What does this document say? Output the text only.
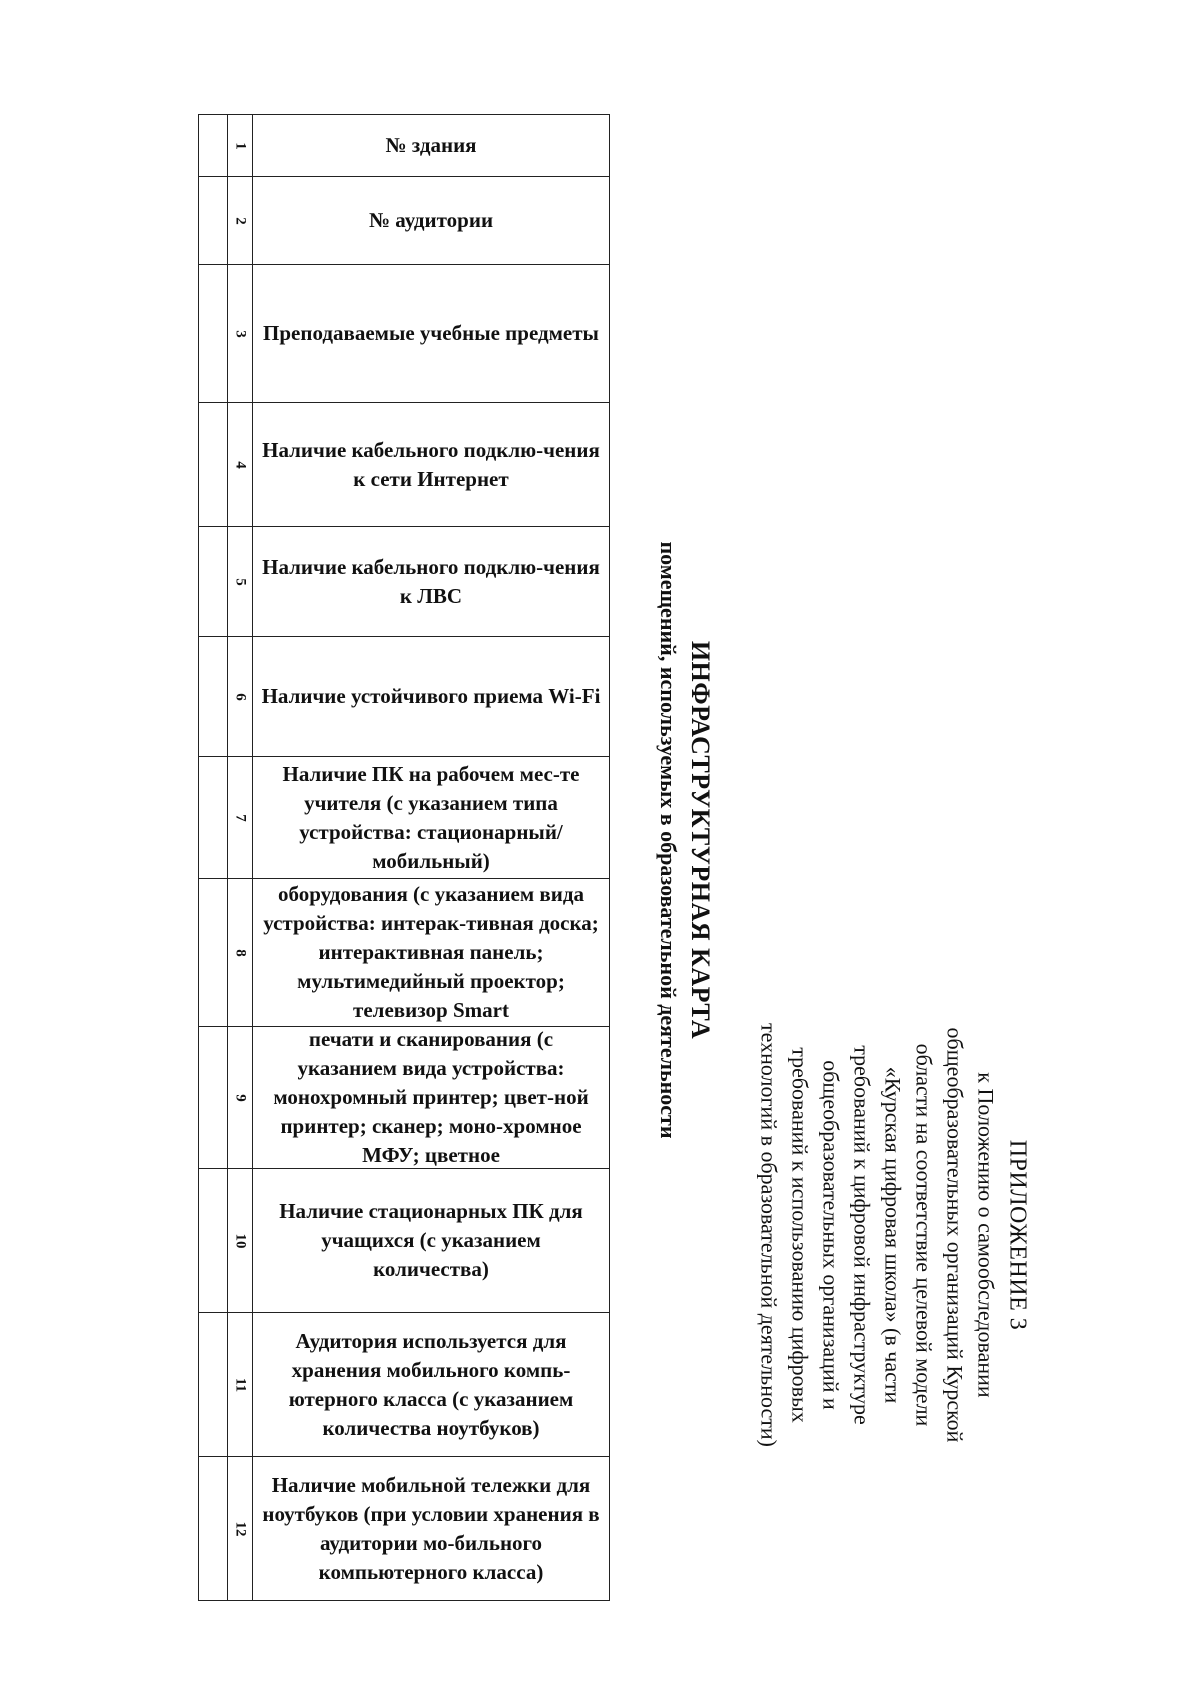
1	№ здания
2	№ аудитории
3 Преподаваемые учебные предметы
4
Наличие кабельного подклю-чения к сети Интернет
5
Наличие кабельного подклю-чения к ЛВС
6 Наличие устойчивого приема Wi-Fi
7
Наличие ПК на рабочем мес-те учителя (с указанием типа устройства: стационарный/ мобильный)
8
оборудования (с указанием вида устройства: интерак-тивная доска; интерактивная панель; мультимедийный проектор; телевизор Smart
9
печати и сканирования (с указанием вида устройства: монохромный принтер; цвет-ной принтер; сканер; моно-хромное МФУ; цветное
10
Наличие стационарных ПК для учащихся (с указанием количества)
11
Аудитория используется для хранения мобильного компь-ютерного класса (с указанием количества ноутбуков)
12
Наличие мобильной тележки для ноутбуков (при условии хранения в аудитории мо-бильного компьютерного класса)
ИНФРАСТРУКТУРНАЯ КАРТА
помещений, используемых в образовательной деятельности
ПРИЛОЖЕНИЕ 3
к Положению о самообследовании
общеобразовательных организаций Курской
области на соответствие целевой модели
«Курская цифровая школа» (в части
требований к цифровой инфраструктуре
общеобразовательных организаций и
требований к использованию цифровых
технологий в образовательной деятельности)
